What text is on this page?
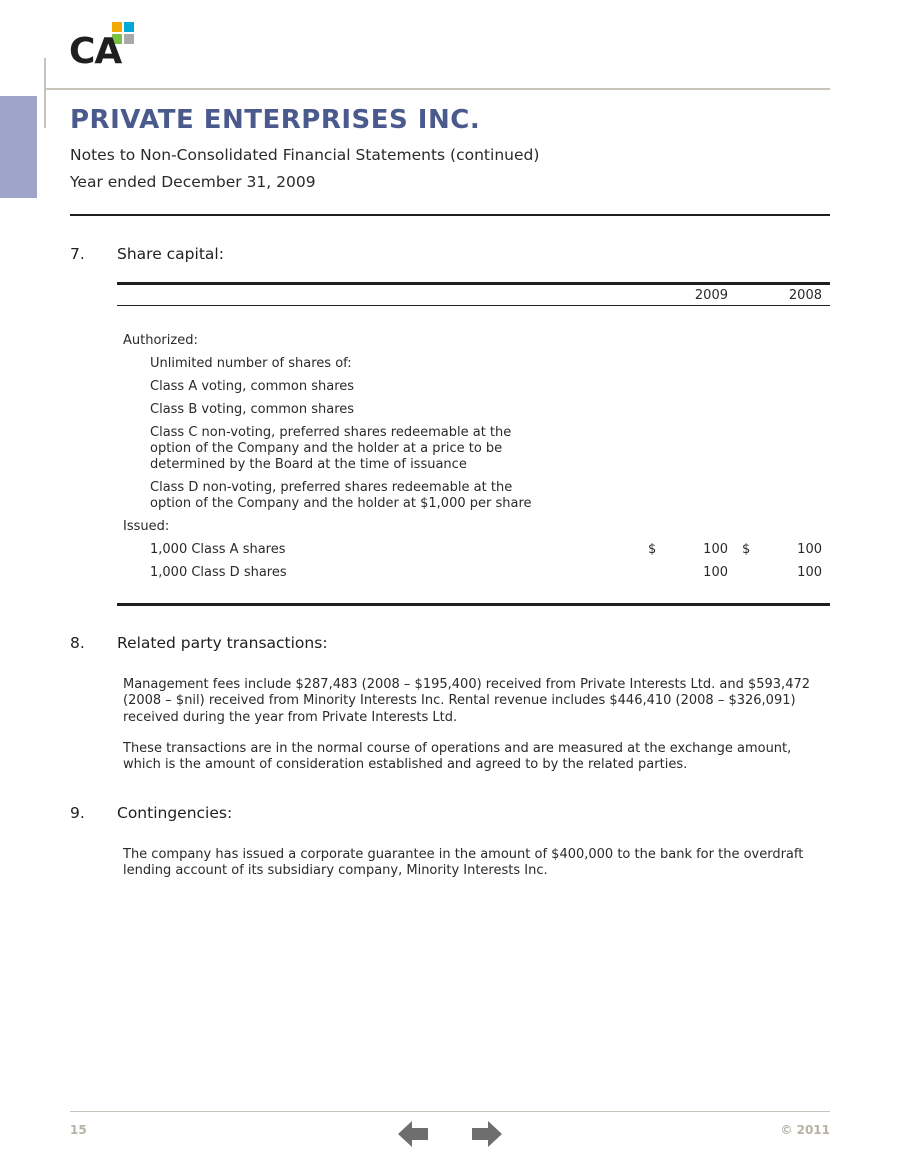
CA
PRIVATE ENTERPRISES INC.
Notes to Non-Consolidated Financial Statements (continued)
Year ended December 31, 2009
7. Share capital:
2009	2008
Authorized:
Unlimited number of shares of:
Class A voting, common shares
Class B voting, common shares
Class C non-voting, preferred shares redeemable at the
option of the Company and the holder at a price to be
determined by the Board at the time of issuance
Class D non-voting, preferred shares redeemable at the
option of the Company and the holder at $1,000 per share
Issued:
1,000 Class A shares	$	100 $	100
1,000 Class D shares	100	100
8. Related party transactions:

Management fees include $287,483 (2008 – $195,400) received from Private Interests Ltd. and $593,472 (2008 – $nil) received from Minority Interests Inc. Rental revenue includes $446,410 (2008 – $326,091) received during the year from Private Interests Ltd.

These transactions are in the normal course of operations and are measured at the exchange amount, which is the amount of consideration established and agreed to by the related parties.

9. Contingencies:

The company has issued a corporate guarantee in the amount of $400,000 to the bank for the overdraft lending account of its subsidiary company, Minority Interests Inc.

15	© 2011
